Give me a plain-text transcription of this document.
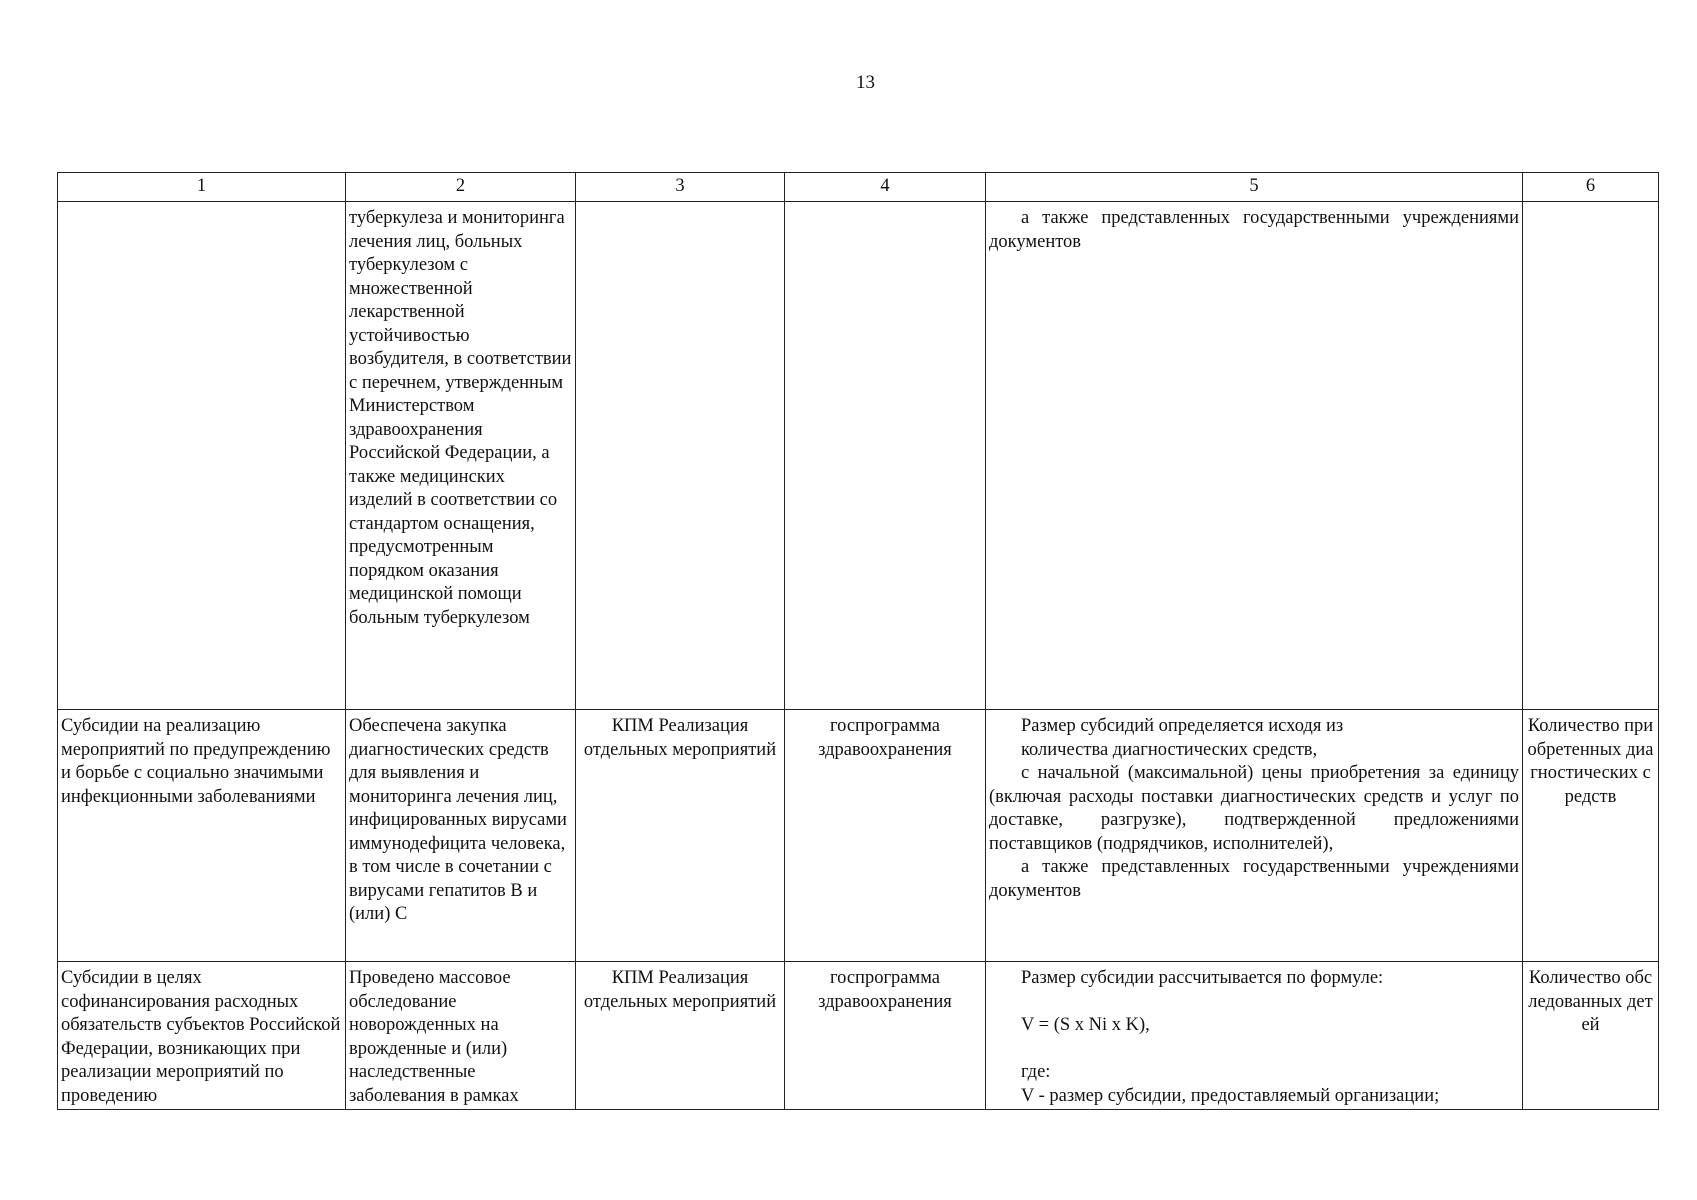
13
1	2	3	4	5	6
	туберкулеза и мониторинга лечения лиц, больных туберкулезом с множественной лекарственной устойчивостью возбудителя, в соответствии с перечнем, утвержденным Министерством здравоохранения Российской Федерации, а также медицинских изделий в соответствии со стандартом оснащения, предусмотренным порядком оказания медицинской помощи больным туберкулезом			а также представленных государственными учреждениями документов	

Субсидии на реализацию мероприятий по предупреждению и борьбе с социально значимыми инфекционными заболеваниями	Обеспечена закупка диагностических средств для выявления и мониторинга лечения лиц, инфицированных вирусами иммунодефицита человека, в том числе в сочетании с вирусами гепатитов B и (или) C	КПМ Реализация отдельных мероприятий	госпрограмма здравоохранения	Размер субсидий определяется исходя из

количества диагностических средств,

с начальной (максимальной) цены приобретения за единицу (включая расходы поставки диагностических средств и услуг по доставке, разгрузке), подтвержденной предложениями поставщиков (подрядчиков, исполнителей),

а также представленных государственными учреждениями документов	Количество приобретенных диагностических средств
Субсидии в целях софинансирования расходных обязательств субъектов Российской Федерации, возникающих при реализации мероприятий по проведению	Проведено массовое обследование новорожденных на врожденные и (или) наследственные заболевания в рамках	КПМ Реализация отдельных мероприятий	госпрограмма здравоохранения	Размер субсидии рассчитывается по формуле:

V = (S x Ni x K),

где:

V - размер субсидии, предоставляемый организации;	Количество обследованных детей
